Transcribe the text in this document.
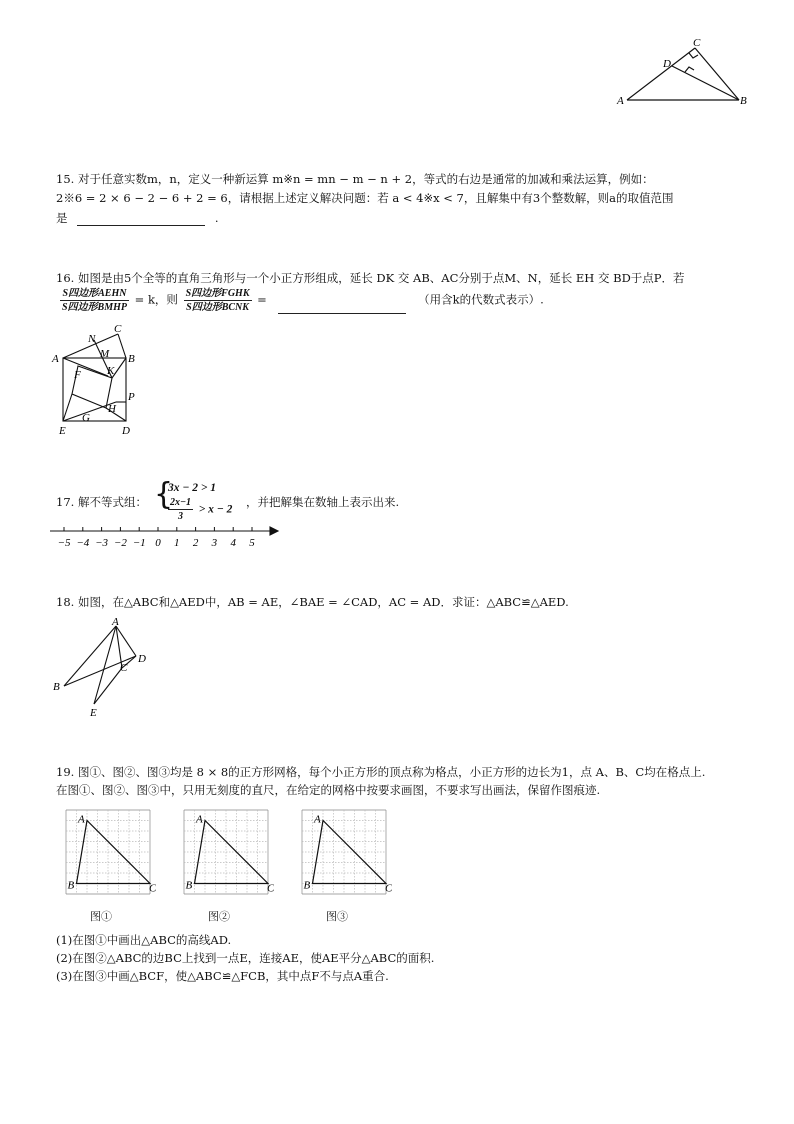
A	B
C
D
15. 对于任意实数m，n，定义一种新运算 m※n = mn − m − n + 2，等式的右边是通常的加减和乘法运算，例如：
2※6 = 2 × 6 − 2 − 6 + 2 = 6，请根据上述定义解决问题：若 a < 4※x < 7，且解集中有3个整数解，则a的取值范围
是	.
16. 如图是由5个全等的直角三角形与一个小正方形组成，延长 DK 交 AB、AC分别于点M、N，延长 EH 交 BD于点P．若
$\frac{\text{S四边形AEHN}}{\text{S四边形BMHP}} = k$，则 $\frac{\text{S四边形FGHK}}{\text{S四边形BCNK}}$ =	（用含k的代数式表示）.
A	B
C
D
E
F
G
H
K
M
N
P
17. 解不等式组： {
3x − 2 > 1
$\frac{2x-1}{3} > x - 2$
，并把解集在数轴上表示出来.
−5 −4 −3 −2 −1 0 1 2 3 4 5
18. 如图，在△ABC和△AED中，AB = AE，∠BAE = ∠CAD，AC = AD．求证：△ABC≌△AED.
A
B
C
D
E
19. 图①、图②、图③均是 8 × 8的正方形网格，每个小正方形的顶点称为格点，小正方形的边长为1，点 A、B、C均在格点上.
在图①、图②、图③中，只用无刻度的直尺，在给定的网格中按要求画图，不要求写出画法，保留作图痕迹.
A
B	C
A
B	C
A
B	C
图①	图②	图③
(1)在图①中画出△ABC的高线AD.
(2)在图②△ABC的边BC上找到一点E，连接AE，使AE平分△ABC的面积.
(3)在图③中画△BCF，使△ABC≌△FCB，其中点F不与点A重合.
